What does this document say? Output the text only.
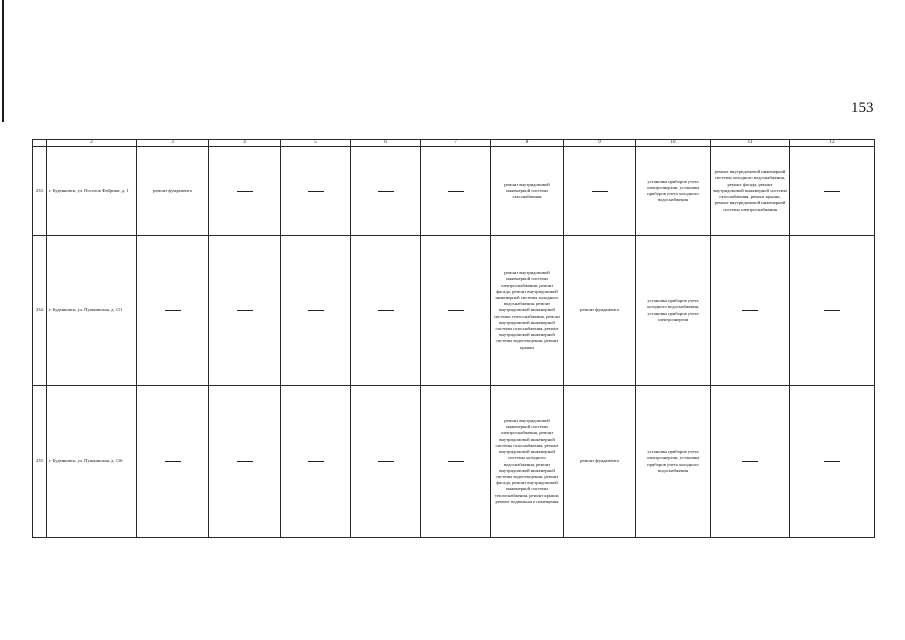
153
	2	3	4	5	6	7	8	9	10	11	12
233.	г. Буденновск, ул. Поселок Фабрики, д. 1	ремонт фундамента					ремонт внутридомовой инженерной системы газоснабжения		установка приборов учета электроэнергии, установка приборов учета холодного водоснабжения	ремонт внутридомовой инженерной системы холодного водоснабжения, ремонт фасада, ремонт внутридомовой инженерной системы газоснабжения, ремонт крыши, ремонт внутридомовой инженерной системы электроснабжения	

234.	г. Буденновск, ул. Пушкинская, д. 111						ремонт внутридомовой инженерной системы электроснабжения, ремонт фасада, ремонт внутридомовой инженерной системы холодного водоснабжения, ремонт внутридомовой инженерной системы теплоснабжения, ремонт внутридомовой инженерной системы газоснабжения, ремонт внутридомовой инженерной системы водоотведения, ремонт крыши	ремонт фундамента	установка приборов учета холодного водоснабжения, установка приборов учета электроэнергии	

235.	г. Буденновск, ул. Пушкинская, д. 116						ремонт внутридомовой инженерной системы электроснабжения, ремонт внутридомовой инженерной системы газоснабжения, ремонт внутридомовой инженерной системы холодного водоснабжения, ремонт внутридомовой инженерной системы водоотведения, ремонт фасада, ремонт внутридомовой инженерной системы теплоснабжения, ремонт крыши, ремонт подвального помещения	ремонт фундамента	установка приборов учета электроэнергии, установка приборов учета холодного водоснабжения	
